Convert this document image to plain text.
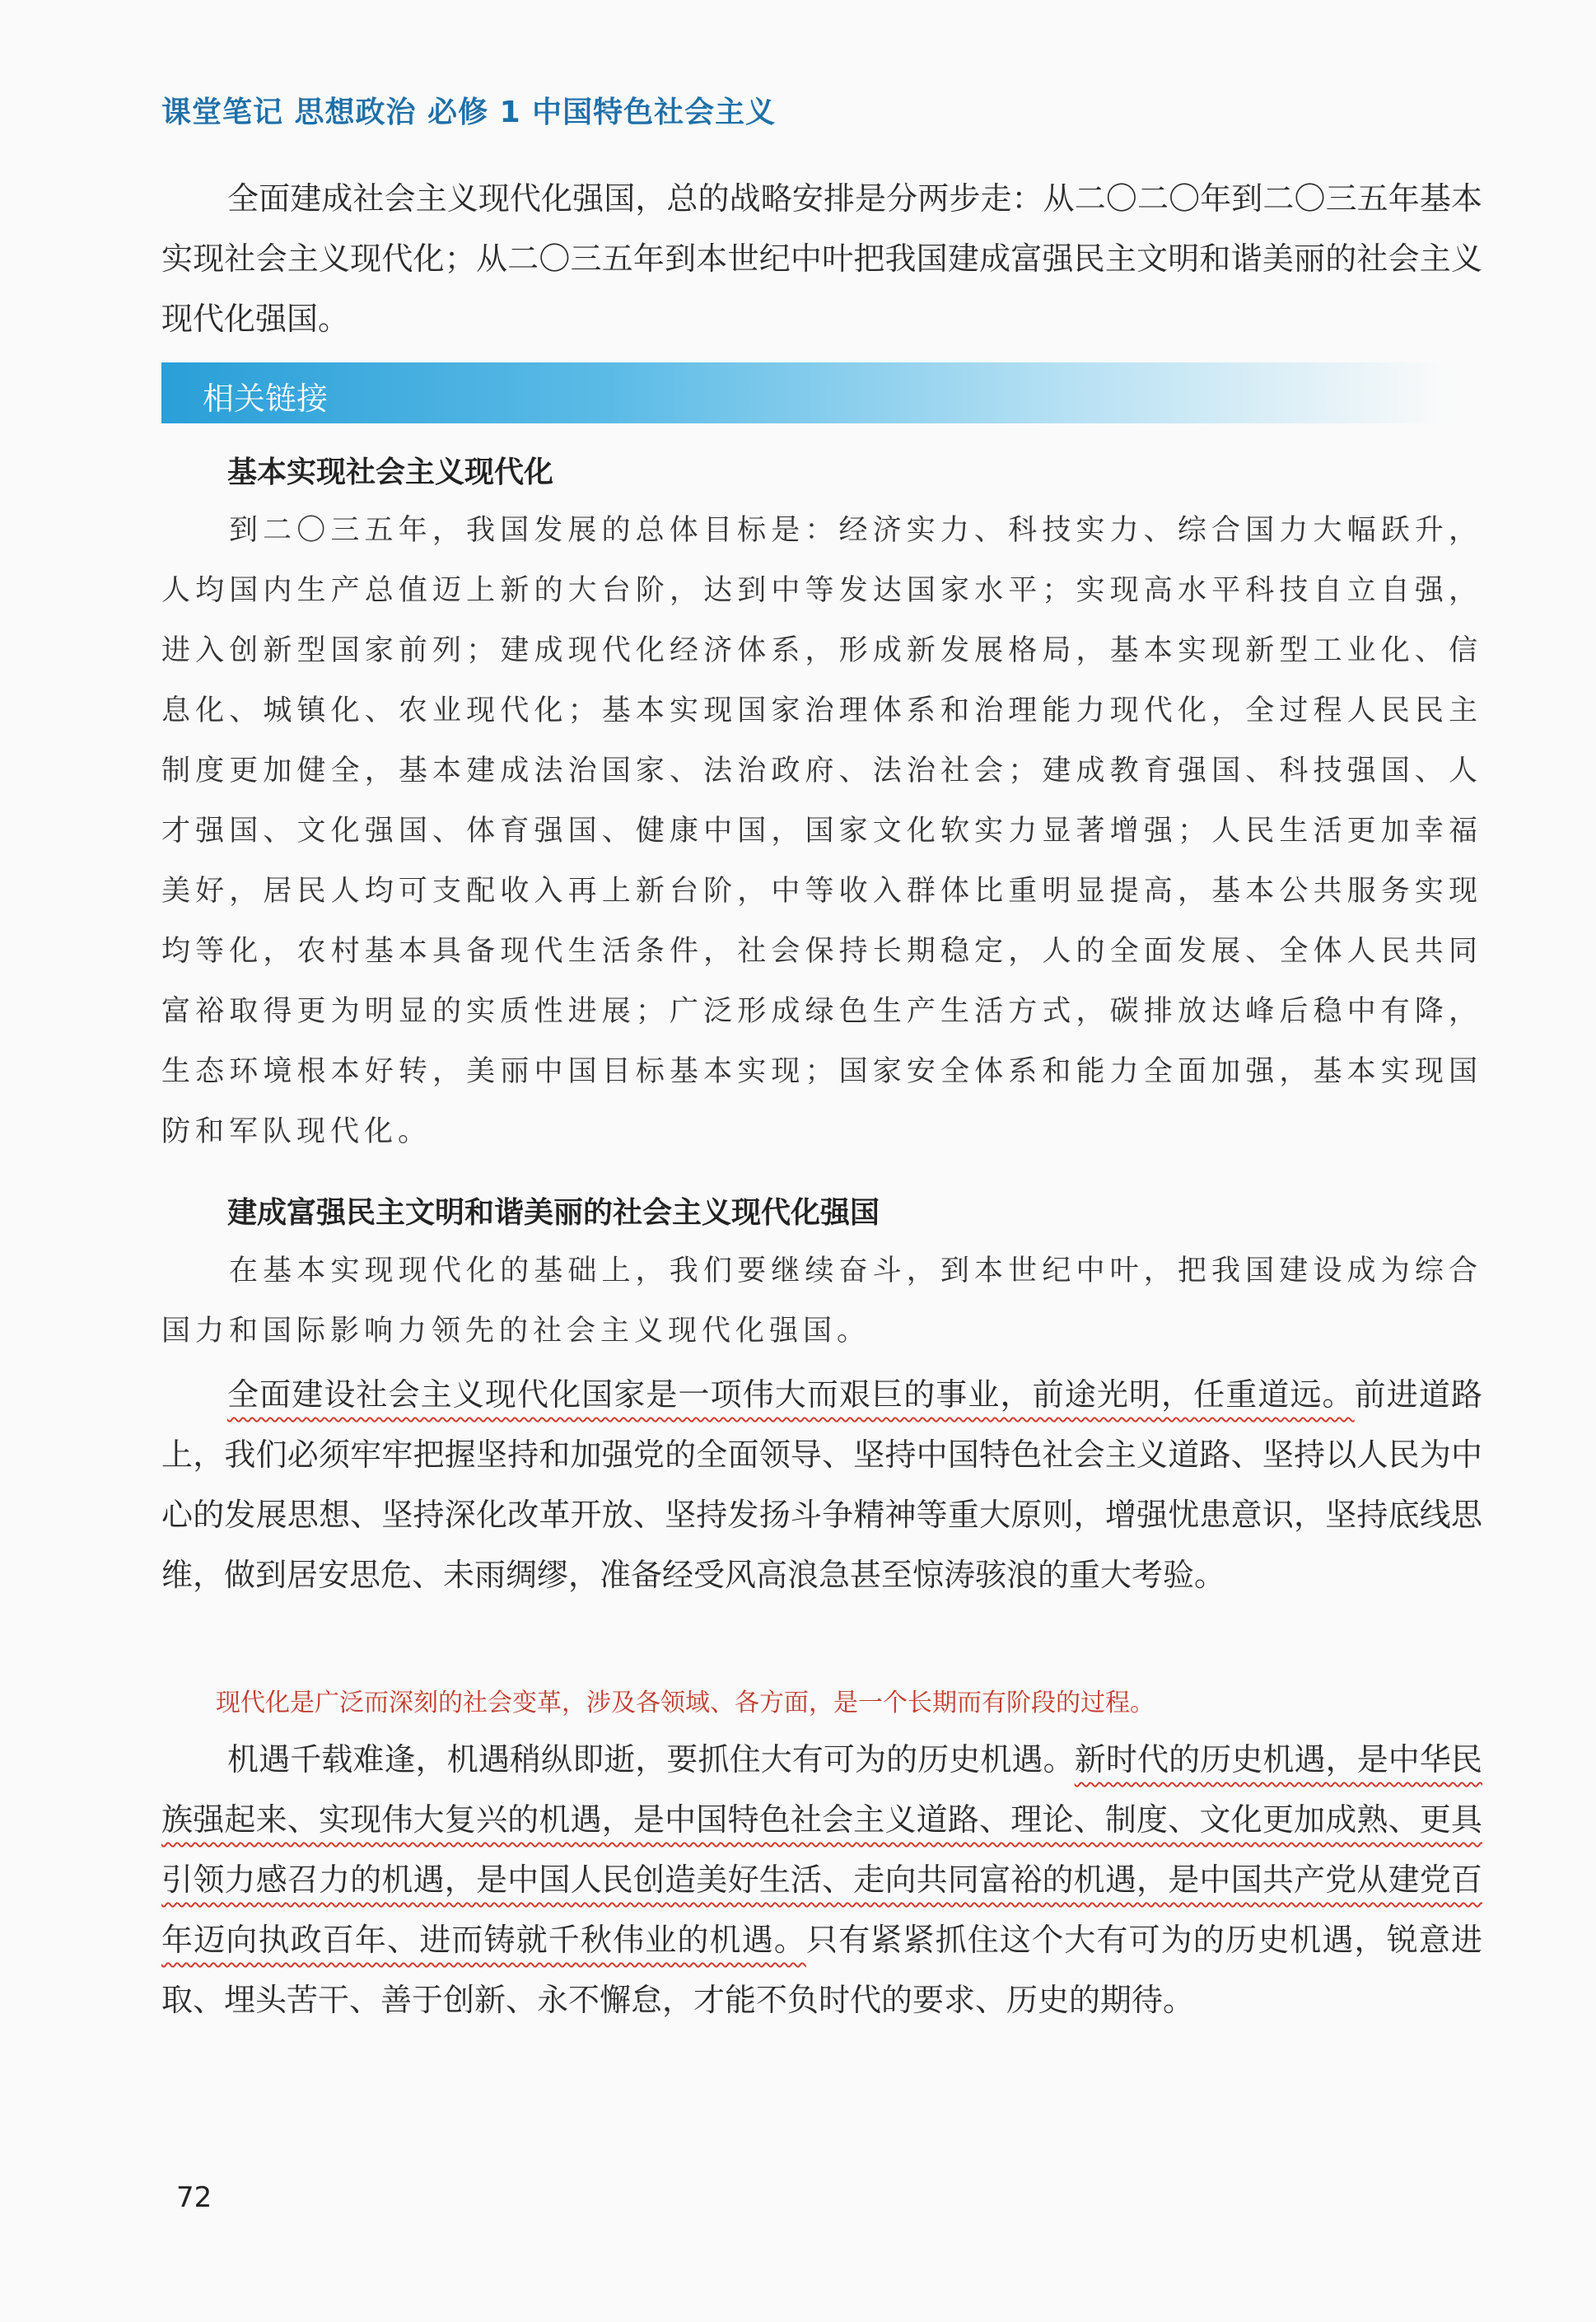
课堂笔记 思想政治 必修 1 中国特色社会主义

全面建成社会主义现代化强国，总的战略安排是分两步走：从二〇二〇年到二〇三五年基本实现社会主义现代化；从二〇三五年到本世纪中叶把我国建成富强民主文明和谐美丽的社会主义现代化强国。

相关链接
基本实现社会主义现代化

到二〇三五年，我国发展的总体目标是：经济实力、科技实力、综合国力大幅跃升，人均国内生产总值迈上新的大台阶，达到中等发达国家水平；实现高水平科技自立自强，进入创新型国家前列；建成现代化经济体系，形成新发展格局，基本实现新型工业化、信息化、城镇化、农业现代化；基本实现国家治理体系和治理能力现代化，全过程人民民主制度更加健全，基本建成法治国家、法治政府、法治社会；建成教育强国、科技强国、人才强国、文化强国、体育强国、健康中国，国家文化软实力显著增强；人民生活更加幸福美好，居民人均可支配收入再上新台阶，中等收入群体比重明显提高，基本公共服务实现均等化，农村基本具备现代生活条件，社会保持长期稳定，人的全面发展、全体人民共同富裕取得更为明显的实质性进展；广泛形成绿色生产生活方式，碳排放达峰后稳中有降，生态环境根本好转，美丽中国目标基本实现；国家安全体系和能力全面加强，基本实现国防和军队现代化。

建成富强民主文明和谐美丽的社会主义现代化强国

在基本实现现代化的基础上，我们要继续奋斗，到本世纪中叶，把我国建设成为综合国力和国际影响力领先的社会主义现代化强国。

全面建设社会主义现代化国家是一项伟大而艰巨的事业，前途光明，任重道远。前进道路上，我们必须牢牢把握坚持和加强党的全面领导、坚持中国特色社会主义道路、坚持以人民为中心的发展思想、坚持深化改革开放、坚持发扬斗争精神等重大原则，增强忧患意识，坚持底线思维，做到居安思危、未雨绸缪，准备经受风高浪急甚至惊涛骇浪的重大考验。

现代化是广泛而深刻的社会变革，涉及各领域、各方面，是一个长期而有阶段的过程。

机遇千载难逢，机遇稍纵即逝，要抓住大有可为的历史机遇。新时代的历史机遇，是中华民族强起来、实现伟大复兴的机遇，是中国特色社会主义道路、理论、制度、文化更加成熟、更具引领力感召力的机遇，是中国人民创造美好生活、走向共同富裕的机遇，是中国共产党从建党百年迈向执政百年、进而铸就千秋伟业的机遇。只有紧紧抓住这个大有可为的历史机遇，锐意进取、埋头苦干、善于创新、永不懈怠，才能不负时代的要求、历史的期待。

72
